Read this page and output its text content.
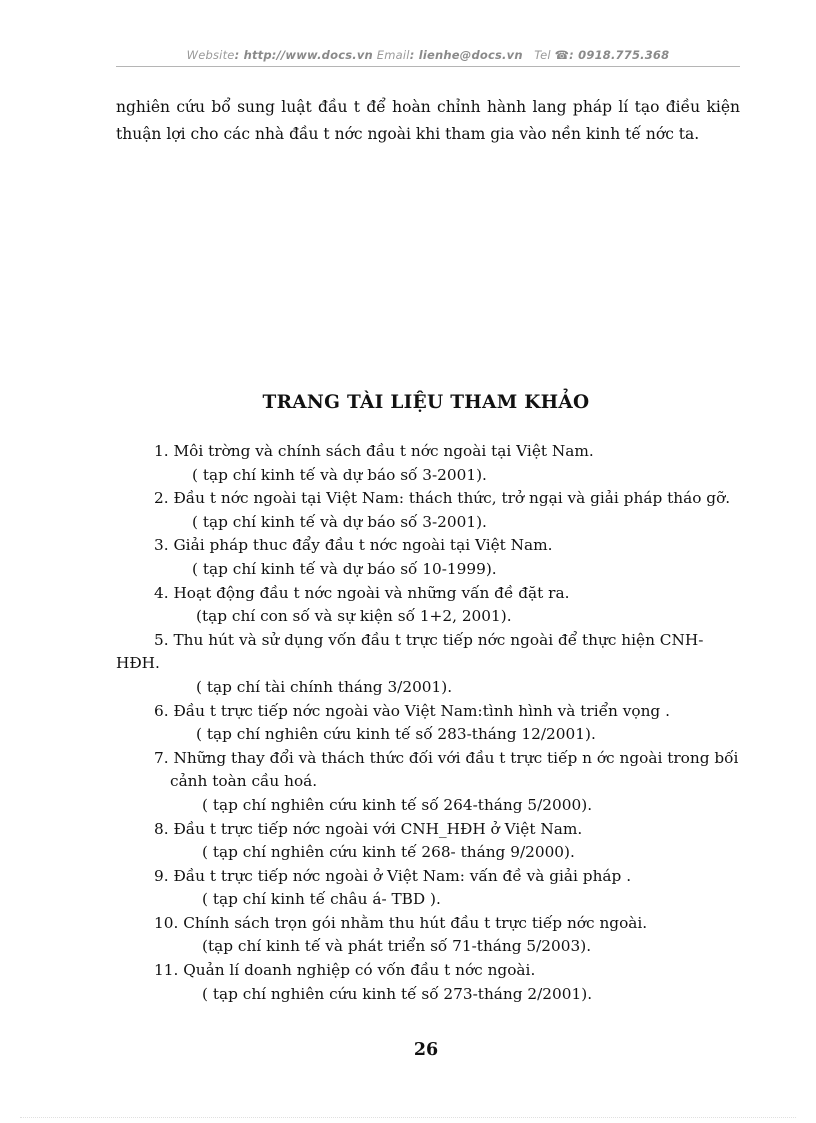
Website: http://www.docs.vn Email: lienhe@docs.vn Tel ☎: 0918.775.368
nghiên cứu bổ sung luật đầu t để hoàn chỉnh hành lang pháp lí tạo điều kiện
thuận lợi cho các nhà đầu t nớc ngoài khi tham gia vào nền kinh tế nớc ta.
TRANG TÀI LIỆU THAM KHẢO
1. Môi trờng và chính sách đầu t nớc ngoài tại Việt Nam.
( tạp chí kinh tế và dự báo số 3-2001).
2. Đầu t nớc ngoài tại Việt Nam: thách thức, trở ngại và giải pháp tháo gỡ.
( tạp chí kinh tế và dự báo số 3-2001).
3. Giải pháp thuc đẩy đầu t nớc ngoài tại Việt Nam.
( tạp chí kinh tế và dự báo số 10-1999).
4. Hoạt động đầu t nớc ngoài và những vấn đề đặt ra.
(tạp chí con số và sự kiện số 1+2, 2001).
5. Thu hút và sử dụng vốn đầu t trực tiếp nớc ngoài để thực hiện CNH-
HĐH.
( tạp chí tài chính tháng 3/2001).
6. Đầu t trực tiếp nớc ngoài vào Việt Nam:tình hình và triển vọng .
( tạp chí nghiên cứu kinh tế số 283-tháng 12/2001).
7. Những thay đổi và thách thức đối với đầu t trực tiếp n ớc ngoài trong bối
cảnh toàn cầu hoá.
( tạp chí nghiên cứu kinh tế số 264-tháng 5/2000).
8. Đầu t trực tiếp nớc ngoài với CNH_HĐH ở Việt Nam.
( tạp chí nghiên cứu kinh tế 268- tháng 9/2000).
9. Đầu t trực tiếp nớc ngoài ở Việt Nam: vấn đề và giải pháp .
( tạp chí kinh tế châu á- TBD ).
10. Chính sách trọn gói nhằm thu hút đầu t trực tiếp nớc ngoài.
(tạp chí kinh tế và phát triển số 71-tháng 5/2003).
11. Quản lí doanh nghiệp có vốn đầu t nớc ngoài.
( tạp chí nghiên cứu kinh tế số 273-tháng 2/2001).
26
